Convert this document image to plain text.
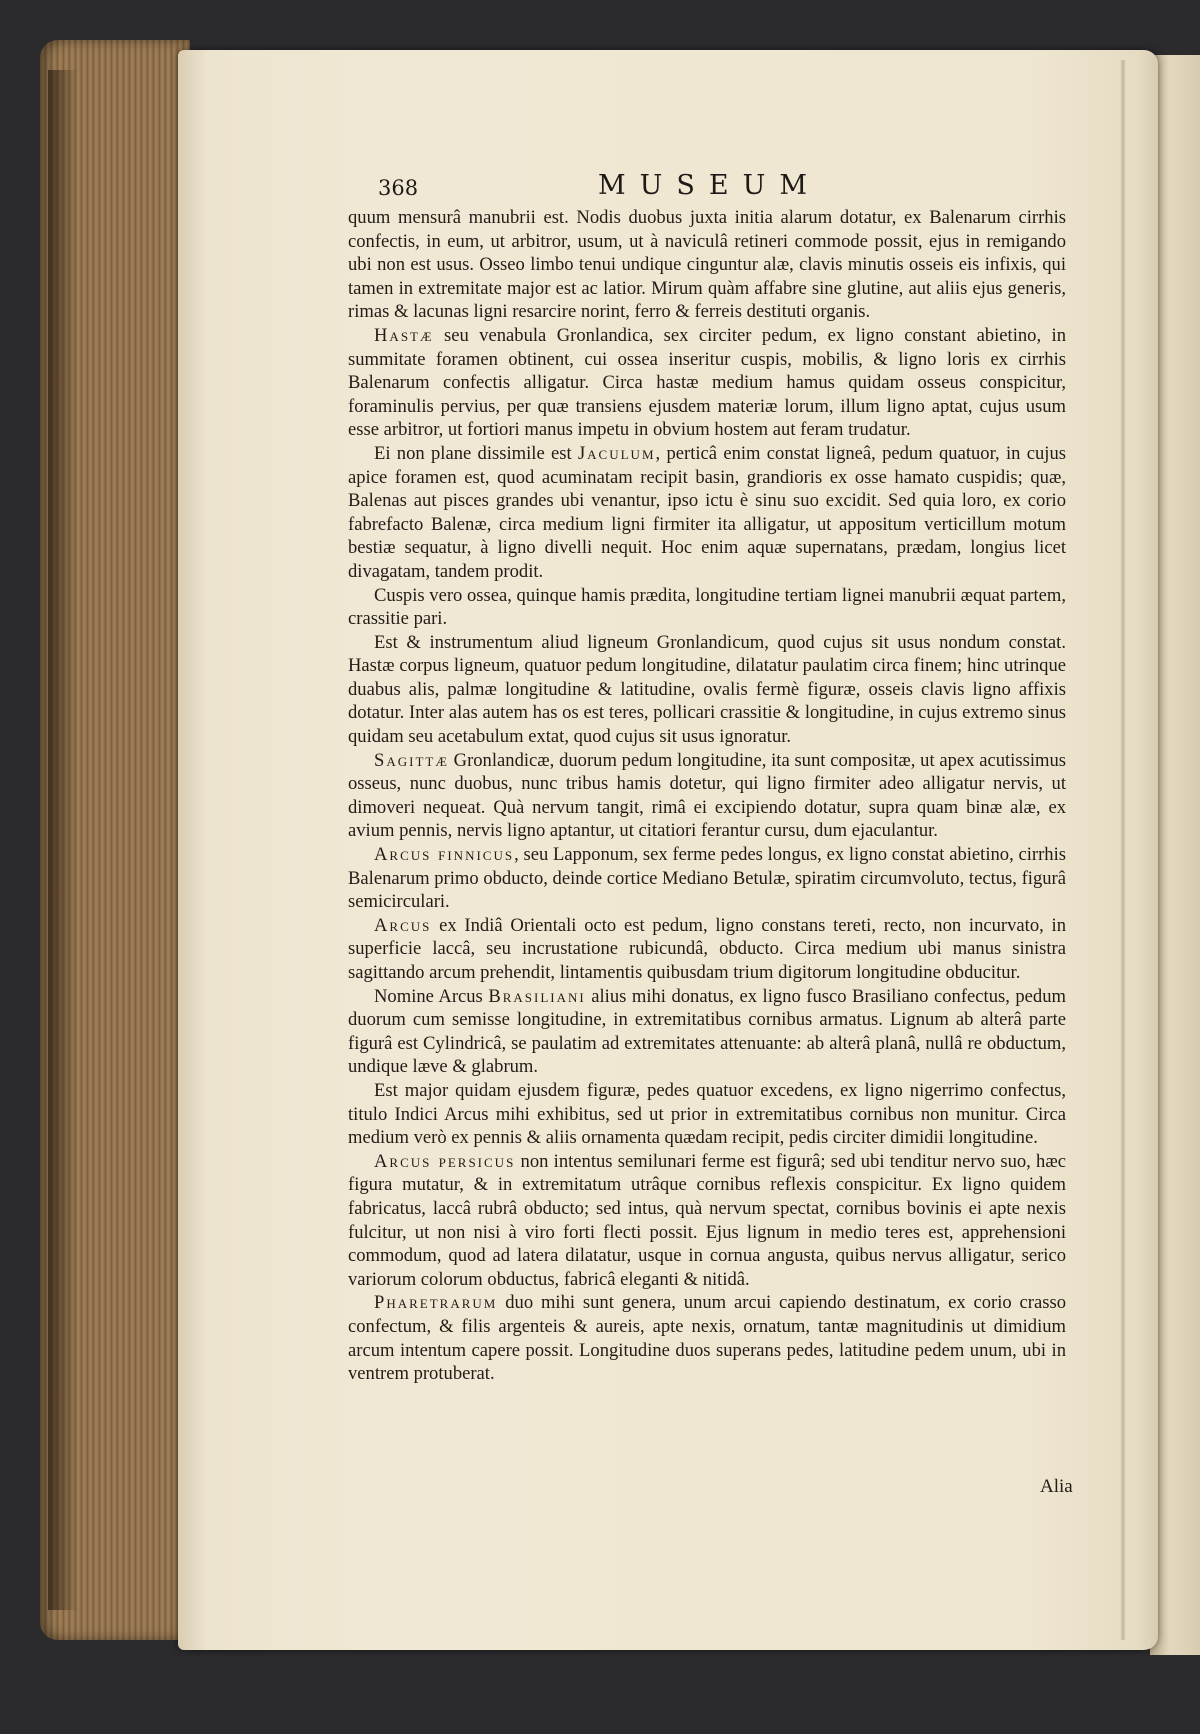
368	MUSEUM

quum mensurâ manubrii est. Nodis duobus juxta initia alarum dotatur, ex Balenarum cirrhis confectis, in eum, ut arbitror, usum, ut à naviculâ retineri commode possit, ejus in remigando ubi non est usus. Osseo limbo tenui undique cinguntur alæ, clavis minutis osseis eis infixis, qui tamen in extremitate major est ac latior. Mirum quàm affabre sine glutine, aut aliis ejus generis, rimas & lacunas ligni resarcire norint, ferro & ferreis destituti organis.

Hastæ seu venabula Gronlandica, sex circiter pedum, ex ligno constant abietino, in summitate foramen obtinent, cui ossea inseritur cuspis, mobilis, & ligno loris ex cirrhis Balenarum confectis alligatur. Circa hastæ medium hamus quidam osseus conspicitur, foraminulis pervius, per quæ transiens ejusdem materiæ lorum, illum ligno aptat, cujus usum esse arbitror, ut fortiori manus impetu in obvium hostem aut feram trudatur.

Ei non plane dissimile est Jaculum, perticâ enim constat ligneâ, pedum quatuor, in cujus apice foramen est, quod acuminatam recipit basin, grandioris ex osse hamato cuspidis; quæ, Balenas aut pisces grandes ubi venantur, ipso ictu è sinu suo excidit. Sed quia loro, ex corio fabrefacto Balenæ, circa medium ligni firmiter ita alligatur, ut appositum verticillum motum bestiæ sequatur, à ligno divelli nequit. Hoc enim aquæ supernatans, prædam, longius licet divagatam, tandem prodit.

Cuspis vero ossea, quinque hamis prædita, longitudine tertiam lignei manubrii æquat partem, crassitie pari.

Est & instrumentum aliud ligneum Gronlandicum, quod cujus sit usus nondum constat. Hastæ corpus ligneum, quatuor pedum longitudine, dilatatur paulatim circa finem; hinc utrinque duabus alis, palmæ longitudine & latitudine, ovalis fermè figuræ, osseis clavis ligno affixis dotatur. Inter alas autem has os est teres, pollicari crassitie & longitudine, in cujus extremo sinus quidam seu acetabulum extat, quod cujus sit usus ignoratur.

Sagittæ Gronlandicæ, duorum pedum longitudine, ita sunt compositæ, ut apex acutissimus osseus, nunc duobus, nunc tribus hamis dotetur, qui ligno firmiter adeo alligatur nervis, ut dimoveri nequeat. Quà nervum tangit, rimâ ei excipiendo dotatur, supra quam binæ alæ, ex avium pennis, nervis ligno aptantur, ut citatiori ferantur cursu, dum ejaculantur.

Arcus finnicus, seu Lapponum, sex ferme pedes longus, ex ligno constat abietino, cirrhis Balenarum primo obducto, deinde cortice Mediano Betulæ, spiratim circumvoluto, tectus, figurâ semicirculari.

Arcus ex Indiâ Orientali octo est pedum, ligno constans tereti, recto, non incurvato, in superficie laccâ, seu incrustatione rubicundâ, obducto. Circa medium ubi manus sinistra sagittando arcum prehendit, lintamentis quibusdam trium digitorum longitudine obducitur.

Nomine Arcus Brasiliani alius mihi donatus, ex ligno fusco Brasiliano confectus, pedum duorum cum semisse longitudine, in extremitatibus cornibus armatus. Lignum ab alterâ parte figurâ est Cylindricâ, se paulatim ad extremitates attenuante: ab alterâ planâ, nullâ re obductum, undique læve & glabrum.

Est major quidam ejusdem figuræ, pedes quatuor excedens, ex ligno nigerrimo confectus, titulo Indici Arcus mihi exhibitus, sed ut prior in extremitatibus cornibus non munitur. Circa medium verò ex pennis & aliis ornamenta quædam recipit, pedis circiter dimidii longitudine.

Arcus persicus non intentus semilunari ferme est figurâ; sed ubi tenditur nervo suo, hæc figura mutatur, & in extremitatum utrâque cornibus reflexis conspicitur. Ex ligno quidem fabricatus, laccâ rubrâ obducto; sed intus, quà nervum spectat, cornibus bovinis ei apte nexis fulcitur, ut non nisi à viro forti flecti possit. Ejus lignum in medio teres est, apprehensioni commodum, quod ad latera dilatatur, usque in cornua angusta, quibus nervus alligatur, serico variorum colorum obductus, fabricâ eleganti & nitidâ.

Pharetrarum duo mihi sunt genera, unum arcui capiendo destinatum, ex corio crasso confectum, & filis argenteis & aureis, apte nexis, ornatum, tantæ magnitudinis ut dimidium arcum intentum capere possit. Longitudine duos superans pedes, latitudine pedem unum, ubi in ventrem protuberat.

Alia
